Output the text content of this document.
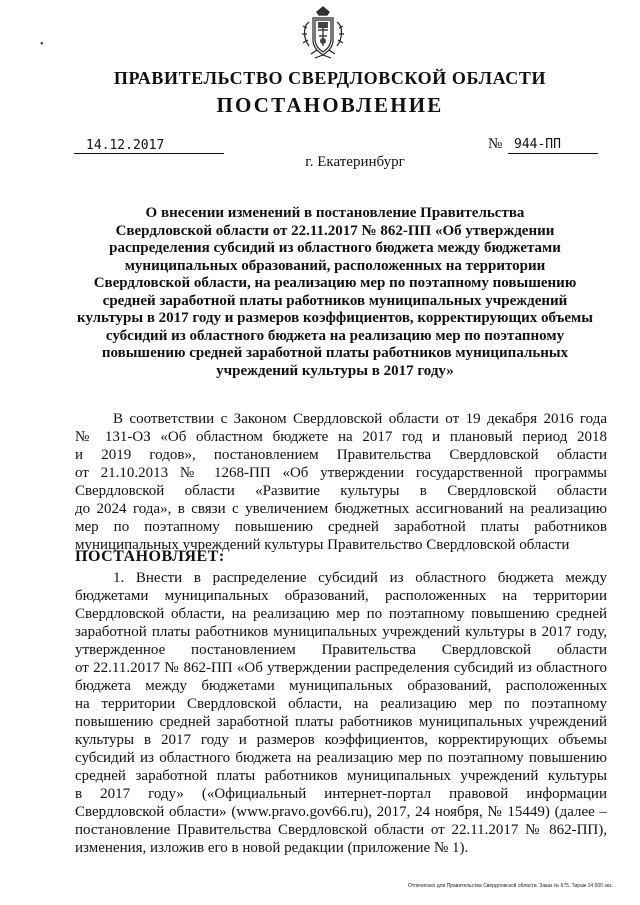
•
ПРАВИТЕЛЬСТВО СВЕРДЛОВСКОЙ ОБЛАСТИ
ПОСТАНОВЛЕНИЕ
14.12.2017	№ 944-ПП

г. Екатеринбург

О внесении изменений в постановление Правительства
Свердловской области от 22.11.2017 № 862-ПП «Об утверждении
распределения субсидий из областного бюджета между бюджетами
муниципальных образований, расположенных на территории
Свердловской области, на реализацию мер по поэтапному повышению
средней заработной платы работников муниципальных учреждений
культуры в 2017 году и размеров коэффициентов, корректирующих объемы
субсидий из областного бюджета на реализацию мер по поэтапному
повышению средней заработной платы работников муниципальных
учреждений культуры в 2017 году»
В соответствии с Законом Свердловской области от 19 декабря 2016 года
№ 131-ОЗ «Об областном бюджете на 2017 год и плановый период 2018
и 2019 годов», постановлением Правительства Свердловской области
от 21.10.2013 № 1268-ПП «Об утверждении государственной программы
Свердловской области «Развитие культуры в Свердловской области
до 2024 года», в связи с увеличением бюджетных ассигнований на реализацию
мер по поэтапному повышению средней заработной платы работников
муниципальных учреждений культуры Правительство Свердловской области

ПОСТАНОВЛЯЕТ:

1. Внести в распределение субсидий из областного бюджета между
бюджетами муниципальных образований, расположенных на территории
Свердловской области, на реализацию мер по поэтапному повышению средней
заработной платы работников муниципальных учреждений культуры в 2017 году,
утвержденное постановлением Правительства Свердловской области
от 22.11.2017 № 862-ПП «Об утверждении распределения субсидий из областного
бюджета между бюджетами муниципальных образований, расположенных
на территории Свердловской области, на реализацию мер по поэтапному
повышению средней заработной платы работников муниципальных учреждений
культуры в 2017 году и размеров коэффициентов, корректирующих объемы
субсидий из областного бюджета на реализацию мер по поэтапному повышению
средней заработной платы работников муниципальных учреждений культуры
в 2017 году» («Официальный интернет-портал правовой информации
Свердловской области» (www.pravo.gov66.ru), 2017, 24 ноября, № 15449) (далее –
постановление Правительства Свердловской области от 22.11.2017 № 862-ПП),
изменения, изложив его в новой редакции (приложение № 1).
Отпечатано для Правительства Свердловской области. Заказ № 675. Тираж 14 000 экз.
